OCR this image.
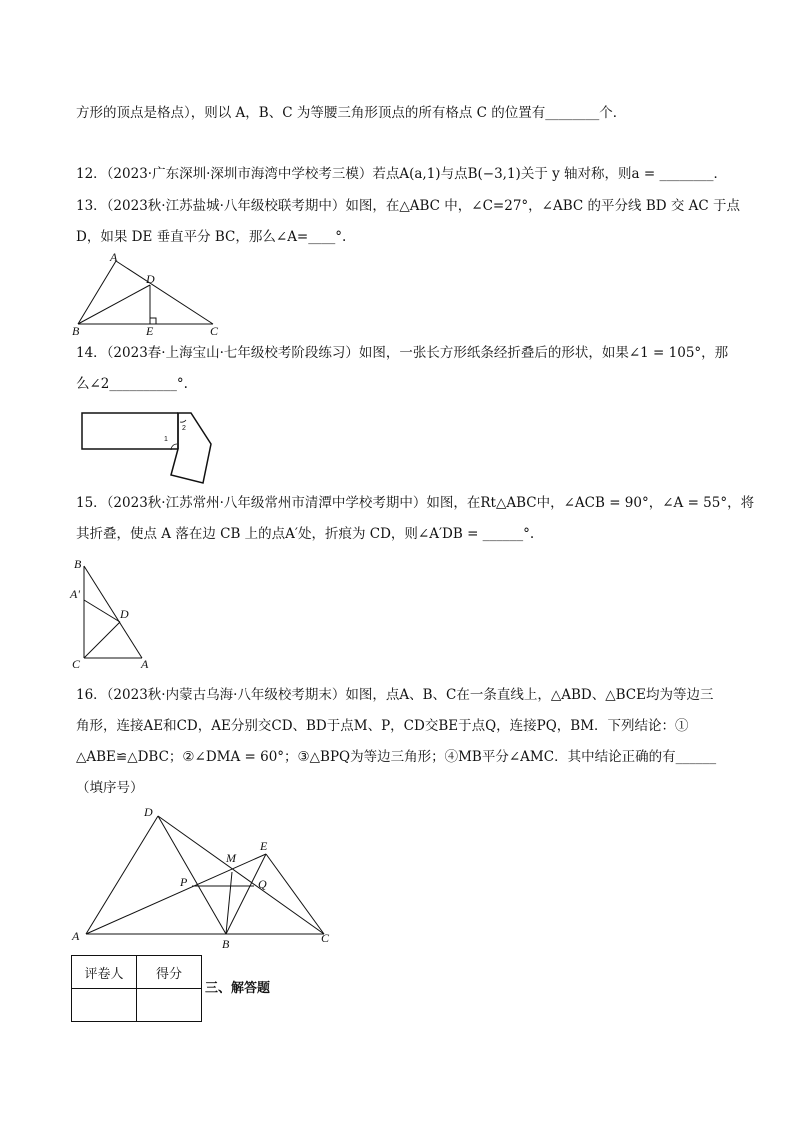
方形的顶点是格点），则以 A，B、C 为等腰三角形顶点的所有格点 C 的位置有________个．
12．（2023·广东深圳·深圳市海湾中学校考三模）若点A(a,1)与点B(−3,1)关于 y 轴对称，则a = ________．
13．（2023秋·江苏盐城·八年级校联考期中）如图，在△ABC 中，∠C=27°，∠ABC 的平分线 BD 交 AC 于点
D，如果 DE 垂直平分 BC，那么∠A=____°.
A
D
B	E	C
14．（2023春·上海宝山·七年级校考阶段练习）如图，一张长方形纸条经折叠后的形状，如果∠1 = 105°，那
么∠2__________°.
1
2
15．（2023秋·江苏常州·八年级常州市清潭中学校考期中）如图，在Rt△ABC中，∠ACB = 90°，∠A = 55°，将
其折叠，使点 A 落在边 CB 上的点A′处，折痕为 CD，则∠A′DB = ______°.
B
A'
D
C	A
16．（2023秋·内蒙古乌海·八年级校考期末）如图，点A、B、C在一条直线上，△ABD、△BCE均为等边三
角形，连接AE和CD，AE分别交CD、BD于点M、P，CD交BE于点Q，连接PQ，BM．下列结论：①
△ABE≌△DBC；②∠DMA = 60°；③△BPQ为等边三角形；④MB平分∠AMC．其中结论正确的有______
（填序号）
D
E
M
P	Q
A
B	C
评卷人	得分

三、解答题
